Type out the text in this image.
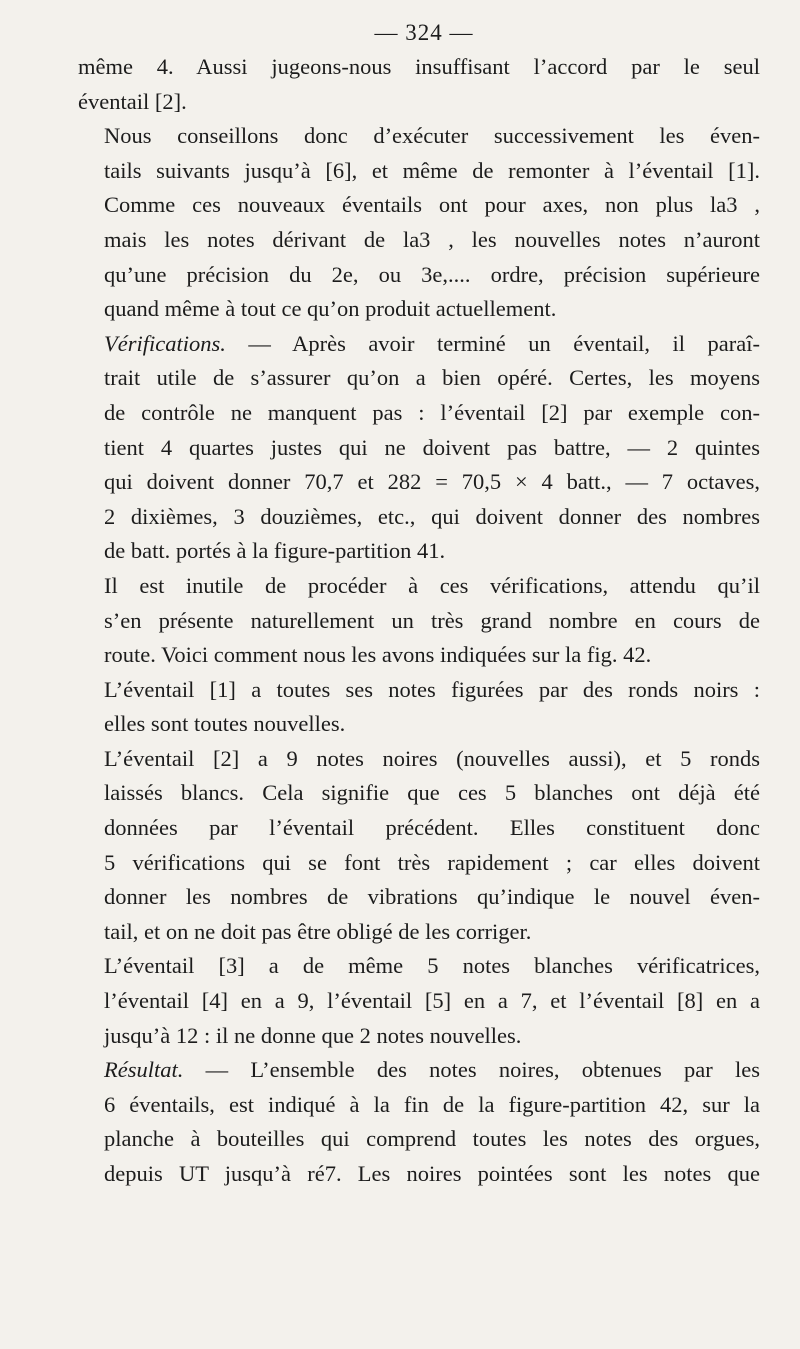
— 324 —

même 4. Aussi jugeons-nous insuffisant l’accord par le seul
éventail [2].

Nous conseillons donc d’exécuter successivement les éven-
tails suivants jusqu’à [6], et même de remonter à l’éventail [1].
Comme ces nouveaux éventails ont pour axes, non plus la3 ,
mais les notes dérivant de la3 , les nouvelles notes n’auront
qu’une précision du 2e, ou 3e,.... ordre, précision supérieure
quand même à tout ce qu’on produit actuellement.

Vérifications. — Après avoir terminé un éventail, il paraî-
trait utile de s’assurer qu’on a bien opéré. Certes, les moyens
de contrôle ne manquent pas : l’éventail [2] par exemple con-
tient 4 quartes justes qui ne doivent pas battre, — 2 quintes
qui doivent donner 70,7 et 282 = 70,5 × 4 batt., — 7 octaves,
2 dixièmes, 3 douzièmes, etc., qui doivent donner des nombres
de batt. portés à la figure-partition 41.

Il est inutile de procéder à ces vérifications, attendu qu’il
s’en présente naturellement un très grand nombre en cours de
route. Voici comment nous les avons indiquées sur la fig. 42.

L’éventail [1] a toutes ses notes figurées par des ronds noirs :
elles sont toutes nouvelles.

L’éventail [2] a 9 notes noires (nouvelles aussi), et 5 ronds
laissés blancs. Cela signifie que ces 5 blanches ont déjà été
données par l’éventail précédent. Elles constituent donc
5 vérifications qui se font très rapidement ; car elles doivent
donner les nombres de vibrations qu’indique le nouvel éven-
tail, et on ne doit pas être obligé de les corriger.

L’éventail [3] a de même 5 notes blanches vérificatrices,
l’éventail [4] en a 9, l’éventail [5] en a 7, et l’éventail [8] en a
jusqu’à 12 : il ne donne que 2 notes nouvelles.

Résultat. — L’ensemble des notes noires, obtenues par les
6 éventails, est indiqué à la fin de la figure-partition 42, sur la
planche à bouteilles qui comprend toutes les notes des orgues,
depuis UT jusqu’à ré7. Les noires pointées sont les notes que
